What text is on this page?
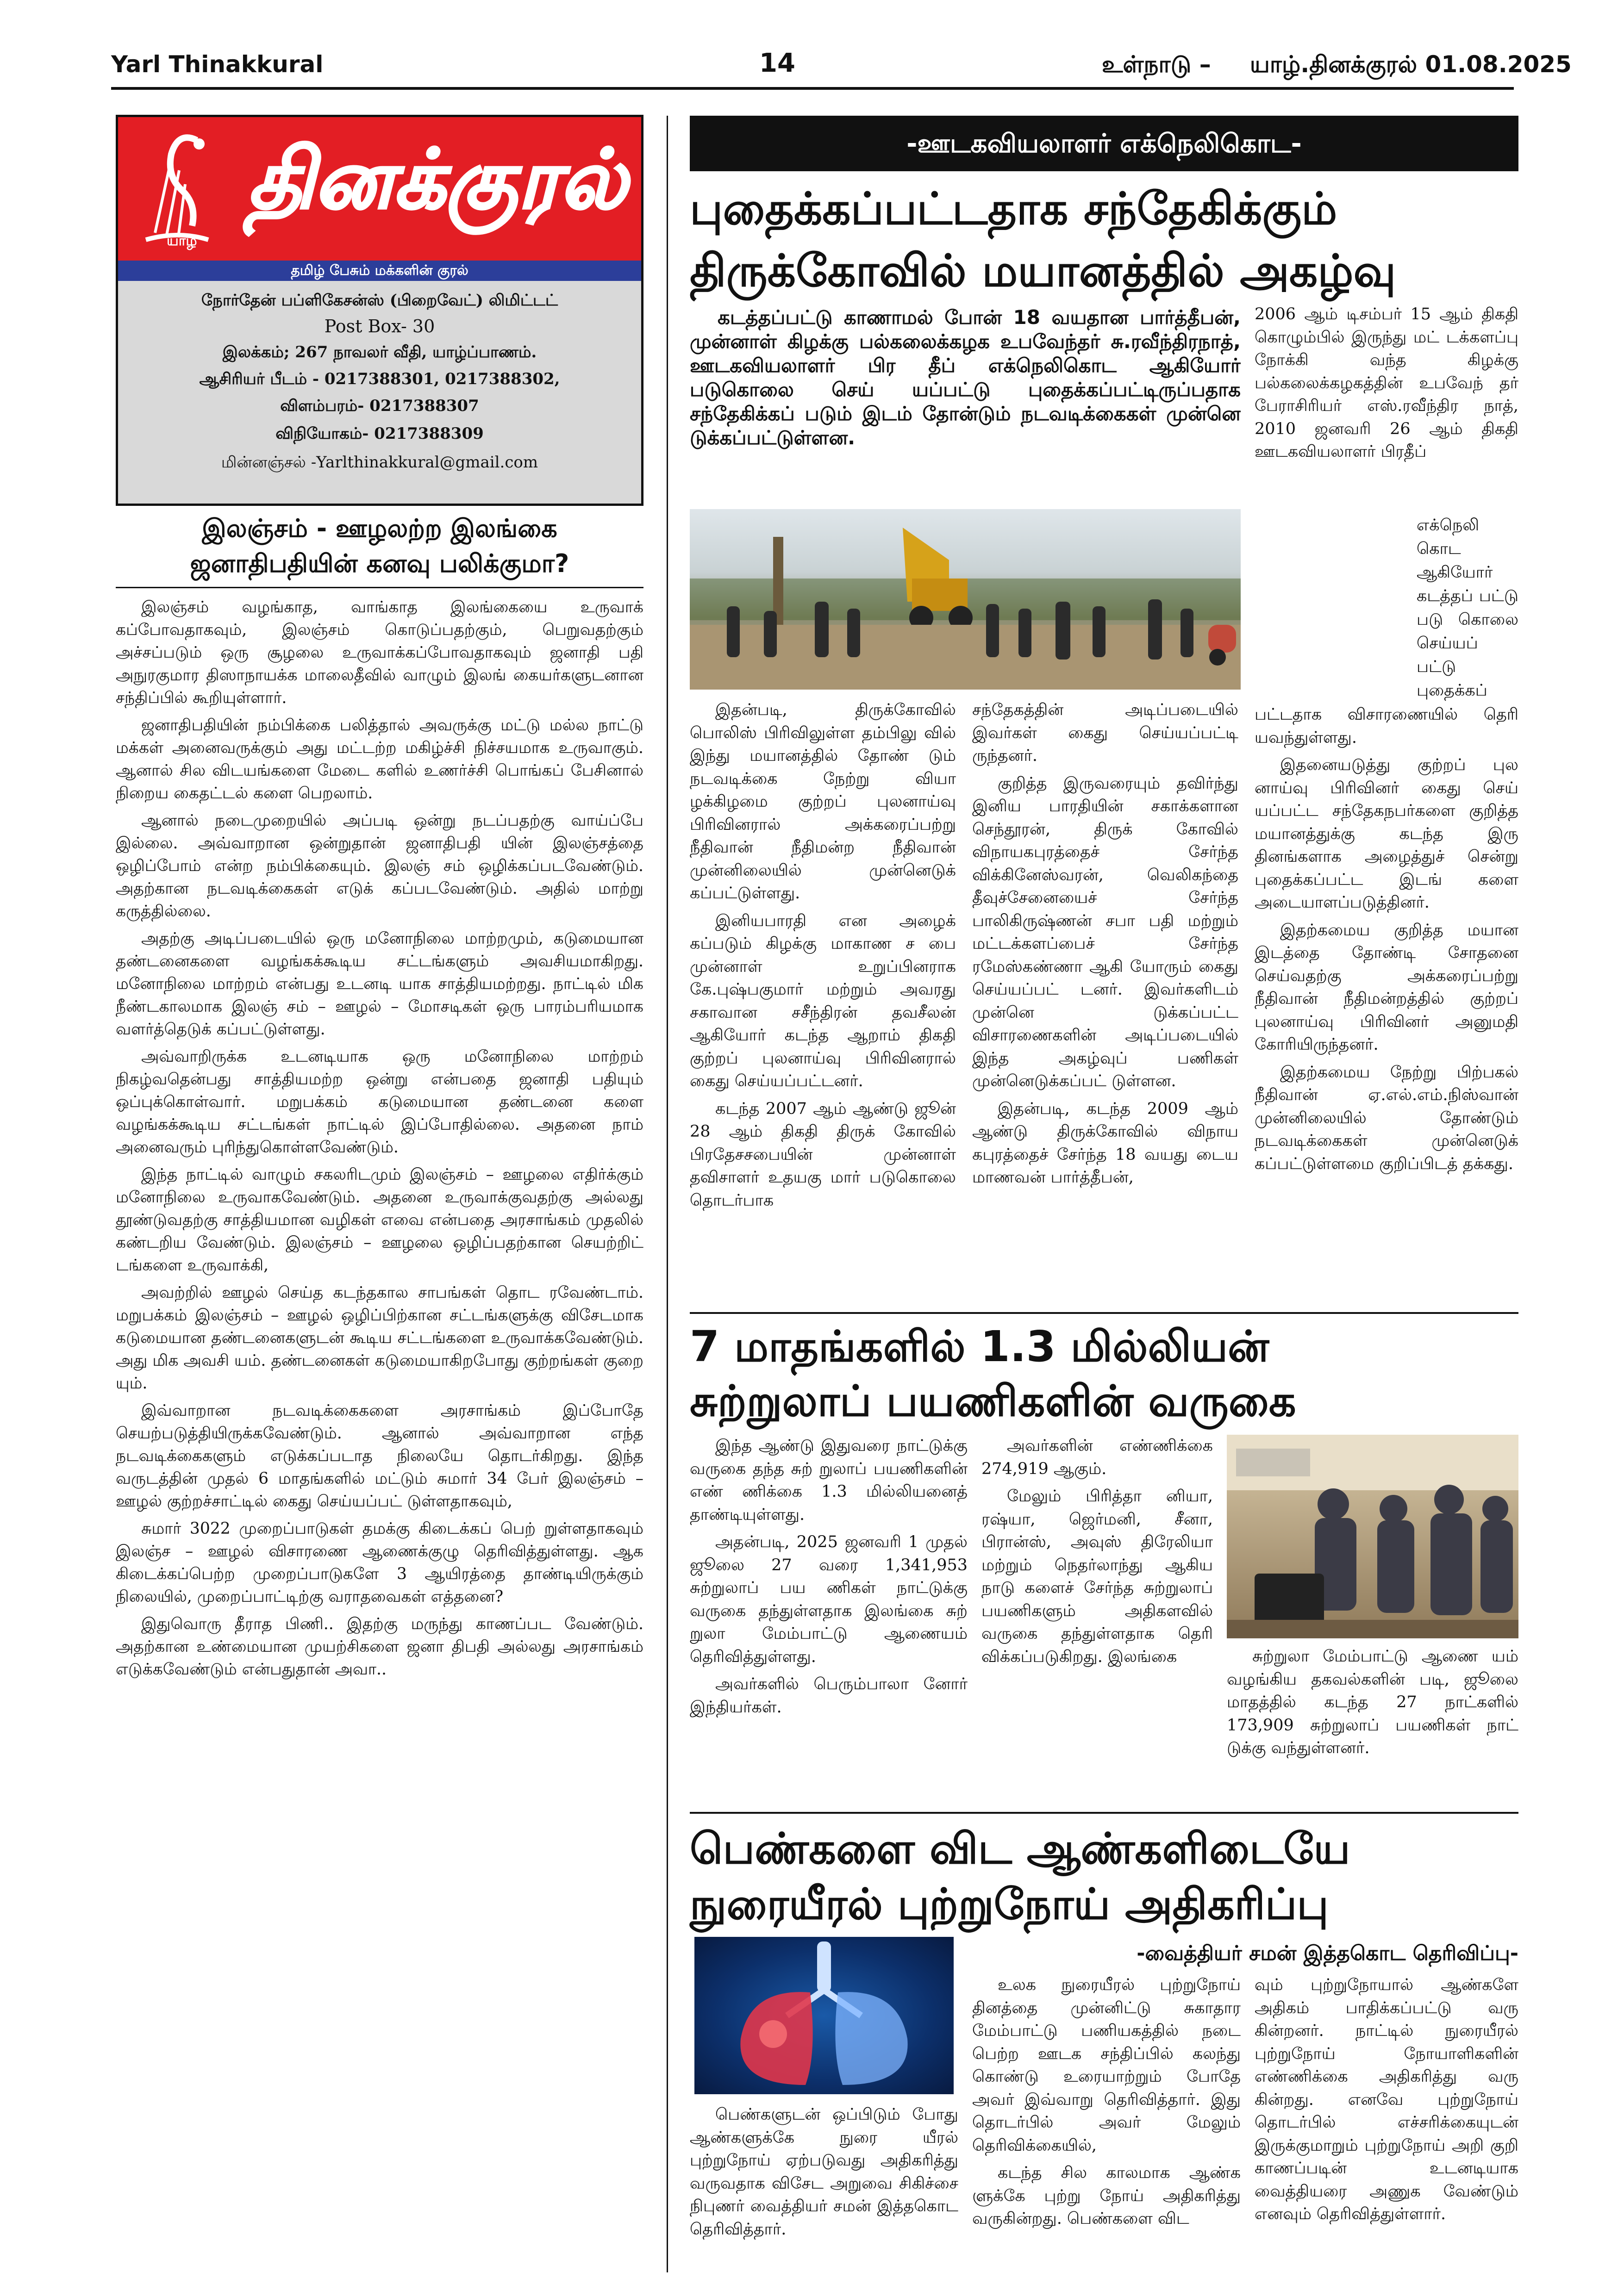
Yarl Thinakkural	14	உள்நாடு – யாழ்.தினக்குரல் 01.08.2025
யாழ்
தினக்குரல்
தமிழ் பேசும் மக்களின் குரல்
நோர்தேன் பப்ளிகேசன்ஸ் (பிறைவேட்) லிமிட்டட்
Post Box- 30
இலக்கம்; 267 நாவலர் வீதி, யாழ்ப்பாணம்.
ஆசிரியர் பீடம் - 0217388301, 0217388302,
விளம்பரம்- 0217388307
விநியோகம்- 0217388309
மின்னஞ்சல் -Yarlthinakkural@gmail.com
இலஞ்சம் - ஊழலற்ற இலங்கை
ஜனாதிபதியின் கனவு பலிக்குமா?

இலஞ்சம் வழங்காத, வாங்காத இலங்கையை உருவாக் கப்போவதாகவும், இலஞ்சம் கொடுப்பதற்கும், பெறுவதற்கும் அச்சப்படும் ஒரு சூழலை உருவாக்கப்போவதாகவும் ஜனாதி பதி அநுரகுமார திஸாநாயக்க மாலைதீவில் வாழும் இலங் கையர்களுடனான சந்திப்பில் கூறியுள்ளார்.

ஜனாதிபதியின் நம்பிக்கை பலித்தால் அவருக்கு மட்டு மல்ல நாட்டு மக்கள் அனைவருக்கும் அது மட்டற்ற மகிழ்ச்சி நிச்சயமாக உருவாகும். ஆனால் சில விடயங்களை மேடை களில் உணர்ச்சி பொங்கப் பேசினால் நிறைய கைதட்டல் களை பெறலாம்.

ஆனால் நடைமுறையில் அப்படி ஒன்று நடப்பதற்கு வாய்ப்பே இல்லை. அவ்வாறான ஒன்றுதான் ஜனாதிபதி யின் இலஞ்சத்தை ஒழிப்போம் என்ற நம்பிக்கையும். இலஞ் சம் ஒழிக்கப்படவேண்டும். அதற்கான நடவடிக்கைகள் எடுக் கப்படவேண்டும். அதில் மாற்று கருத்தில்லை.

அதற்கு அடிப்படையில் ஒரு மனோநிலை மாற்றமும், கடுமையான தண்டனைகளை வழங்கக்கூடிய சட்டங்களும் அவசியமாகிறது. மனோநிலை மாற்றம் என்பது உடனடி யாக சாத்தியமற்றது. நாட்டில் மிக நீண்டகாலமாக இலஞ் சம் – ஊழல் – மோசடிகள் ஒரு பாரம்பரியமாக வளர்த்தெடுக் கப்பட்டுள்ளது.

அவ்வாறிருக்க உடனடியாக ஒரு மனோநிலை மாற்றம் நிகழ்வதென்பது சாத்தியமற்ற ஒன்று என்பதை ஜனாதி பதியும் ஒப்புக்கொள்வார். மறுபக்கம் கடுமையான தண்டனை களை வழங்கக்கூடிய சட்டங்கள் நாட்டில் இப்போதில்லை. அதனை நாம் அனைவரும் புரிந்துகொள்ளவேண்டும்.

இந்த நாட்டில் வாழும் சகலரிடமும் இலஞ்சம் – ஊழலை எதிர்க்கும் மனோநிலை உருவாகவேண்டும். அதனை உருவாக்குவதற்கு அல்லது தூண்டுவதற்கு சாத்தியமான வழிகள் எவை என்பதை அரசாங்கம் முதலில் கண்டறிய வேண்டும். இலஞ்சம் – ஊழலை ஒழிப்பதற்கான செயற்றிட் டங்களை உருவாக்கி,

அவற்றில் ஊழல் செய்த கடந்தகால சாபங்கள் தொட ரவேண்டாம். மறுபக்கம் இலஞ்சம் – ஊழல் ஒழிப்பிற்கான சட்டங்களுக்கு விசேடமாக கடுமையான தண்டனைகளுடன் கூடிய சட்டங்களை உருவாக்கவேண்டும். அது மிக அவசி யம். தண்டனைகள் கடுமையாகிறபோது குற்றங்கள் குறை யும்.

இவ்வாறான நடவடிக்கைகளை அரசாங்கம் இப்போதே செயற்படுத்தியிருக்கவேண்டும். ஆனால் அவ்வாறான எந்த நடவடிக்கைகளும் எடுக்கப்படாத நிலையே தொடர்கிறது. இந்த வருடத்தின் முதல் 6 மாதங்களில் மட்டும் சுமார் 34 பேர் இலஞ்சம் – ஊழல் குற்றச்சாட்டில் கைது செய்யப்பட் டுள்ளதாகவும்,

சுமார் 3022 முறைப்பாடுகள் தமக்கு கிடைக்கப் பெற் றுள்ளதாகவும் இலஞ்ச – ஊழல் விசாரணை ஆணைக்குழு தெரிவித்துள்ளது. ஆக கிடைக்கப்பெற்ற முறைப்பாடுகளே 3 ஆயிரத்தை தாண்டியிருக்கும் நிலையில், முறைப்பாட்டிற்கு வராதவைகள் எத்தனை?

இதுவொரு தீராத பிணி.. இதற்கு மருந்து காணப்பட வேண்டும். அதற்கான உண்மையான முயற்சிகளை ஜனா திபதி அல்லது அரசாங்கம் எடுக்கவேண்டும் என்பதுதான் அவா..

-ஊடகவியலாளர் எக்நெலிகொட-
புதைக்கப்பட்டதாக சந்தேகிக்கும்
திருக்கோவில் மயானத்தில் அகழ்வு
கடத்தப்பட்டு காணாமல் போன் 18 வயதான பார்த்தீபன், முன்னாள் கிழக்கு பல்கலைக்கழக உபவேந்தர் சு.ரவீந்திரநாத், ஊடகவியலாளர் பிர தீப் எக்நெலிகொட ஆகியோர் படுகொலை செய் யப்பட்டு புதைக்கப்பட்டிருப்பதாக சந்தேகிக்கப் படும் இடம் தோன்டும் நடவடிக்கைகள் முன்னெ டுக்கப்பட்டுள்ளன.

இதன்படி, திருக்கோவில் பொலிஸ் பிரிவிலுள்ள தம்பிலு வில் இந்து மயானத்தில் தோண் டும் நடவடிக்கை நேற்று வியா ழக்கிழமை குற்றப் புலனாய்வு பிரிவினரால் அக்கரைப்பற்று நீதிவான் நீதிமன்ற நீதிவான் முன்னிலையில் முன்னெடுக் கப்பட்டுள்ளது.

இனியபாரதி என அழைக் கப்படும் கிழக்கு மாகாண ச பை முன்னாள் உறுப்பினராக கே.புஷ்பகுமார் மற்றும் அவரது சகாவான சசீந்திரன் தவசீலன் ஆகியோர் கடந்த ஆறாம் திகதி குற்றப் புலனாய்வு பிரிவினரால் கைது செய்யப்பட்டனர்.

கடந்த 2007 ஆம் ஆண்டு ஜூன் 28 ஆம் திகதி திருக் கோவில் பிரதேசசபையின் முன்னாள் தவிசாளர் உதயகு மார் படுகொலை தொடர்பாக

சந்தேகத்தின் அடிப்படையில் இவர்கள் கைது செய்யப்பட்டி ருந்தனர்.

குறித்த இருவரையும் தவிர்ந்து இனிய பாரதியின் சகாக்களான செந்தூரன், திருக் கோவில் விநாயகபுரத்தைச் சேர்ந்த விக்கினேஸ்வரன், வெலிகந்தை தீவுச்சேனையைச் சேர்ந்த பாலிகிருஷ்ணன் சபா பதி மற்றும் மட்டக்களப்பைச் சேர்ந்த ரமேஸ்கண்ணா ஆகி யோரும் கைது செய்யப்பட் டனர். இவர்களிடம் முன்னெ டுக்கப்பட்ட விசாரணைகளின் அடிப்படையில் இந்த அகழ்வுப் பணிகள் முன்னெடுக்கப்பட் டுள்ளன.

இதன்படி, கடந்த 2009 ஆம் ஆண்டு திருக்கோவில் விநாய கபுரத்தைச் சேர்ந்த 18 வயது டைய மாணவன் பார்த்தீபன்,

2006 ஆம் டிசம்பர் 15 ஆம் திகதி கொழும்பில் இருந்து மட் டக்களப்பு நோக்கி வந்த கிழக்கு பல்கலைக்கழகத்தின் உபவேந் தர் பேராசிரியர் எஸ்.ரவீந்திர நாத், 2010 ஜனவரி 26 ஆம் திகதி ஊடகவியலாளர் பிரதீப்
எக்நெலி கொட ஆகியோர் கடத்தப் பட்டு படு கொலை செய்யப் பட்டு புதைக்கப்

பட்டதாக விசாரணையில் தெரி யவந்துள்ளது.

இதனையடுத்து குற்றப் புல னாய்வு பிரிவினர் கைது செய் யப்பட்ட சந்தேகநபர்களை குறித்த மயானத்துக்கு கடந்த இரு தினங்களாக அழைத்துச் சென்று புதைக்கப்பட்ட இடங் களை அடையாளப்படுத்தினர்.

இதற்கமைய குறித்த மயான இடத்தை தோண்டி சோதனை செய்வதற்கு அக்கரைப்பற்று நீதிவான் நீதிமன்றத்தில் குற்றப் புலனாய்வு பிரிவினர் அனுமதி கோரியிருந்தனர்.

இதற்கமைய நேற்று பிற்பகல் நீதிவான் ஏ.எல்.எம்.நிஸ்வான் முன்னிலையில் தோண்டும் நடவடிக்கைகள் முன்னெடுக் கப்பட்டுள்ளமை குறிப்பிடத் தக்கது.

7 மாதங்களில் 1.3 மில்லியன்
சுற்றுலாப் பயணிகளின் வருகை

இந்த ஆண்டு இதுவரை நாட்டுக்கு வருகை தந்த சுற் றுலாப் பயணிகளின் எண் ணிக்கை 1.3 மில்லியனைத் தாண்டியுள்ளது.

அதன்படி, 2025 ஜனவரி 1 முதல் ஜூலை 27 வரை 1,341,953 சுற்றுலாப் பய ணிகள் நாட்டுக்கு வருகை தந்துள்ளதாக இலங்கை சுற் றுலா மேம்பாட்டு ஆணையம் தெரிவித்துள்ளது.

அவர்களில் பெரும்பாலா னோர் இந்தியர்கள்.

அவர்களின் எண்ணிக்கை 274,919 ஆகும்.

மேலும் பிரித்தா னியா, ரஷ்யா, ஜெர்மனி, சீனா, பிரான்ஸ், அவுஸ் திரேலியா மற்றும் நெதர்லாந்து ஆகிய நாடு களைச் சேர்ந்த சுற்றுலாப் பயணிகளும் அதிகளவில் வருகை தந்துள்ளதாக தெரி விக்கப்படுகிறது. இலங்கை	சுற்றுலா மேம்பாட்டு ஆணை யம் வழங்கிய தகவல்களின் படி, ஜூலை மாதத்தில் கடந்த 27 நாட்களில் 173,909 சுற்றுலாப் பயணிகள் நாட் டுக்கு வந்துள்ளனர்.
பெண்களை விட ஆண்களிடையே
நுரையீரல் புற்றுநோய் அதிகரிப்பு
-வைத்தியர் சமன் இத்தகொட தெரிவிப்பு-
பெண்களுடன் ஒப்பிடும் போது ஆண்களுக்கே நுரை யீரல் புற்றுநோய் ஏற்படுவது அதிகரித்து வருவதாக விசேட அறுவை சிகிச்சை நிபுணர் வைத்தியர் சமன் இத்தகொட தெரிவித்தார்.

உலக நுரையீரல் புற்றுநோய் தினத்தை முன்னிட்டு சுகாதார மேம்பாட்டு பணியகத்தில் நடை பெற்ற ஊடக சந்திப்பில் கலந்து கொண்டு உரையாற்றும் போதே அவர் இவ்வாறு தெரிவித்தார். இது தொடர்பில் அவர் மேலும் தெரிவிக்கையில்,

கடந்த சில காலமாக ஆண்க ளுக்கே புற்று நோய் அதிகரித்து வருகின்றது. பெண்களை விட

வும் புற்றுநோயால் ஆண்களே அதிகம் பாதிக்கப்பட்டு வரு கின்றனர். நாட்டில் நுரையீரல் புற்றுநோய் நோயாளிகளின் எண்ணிக்கை அதிகரித்து வரு கின்றது. எனவே புற்றுநோய் தொடர்பில் எச்சரிக்கையுடன் இருக்குமாறும் புற்றுநோய் அறி குறி காணப்படின் உடனடியாக வைத்தியரை அணுக வேண்டும் எனவும் தெரிவித்துள்ளார்.
